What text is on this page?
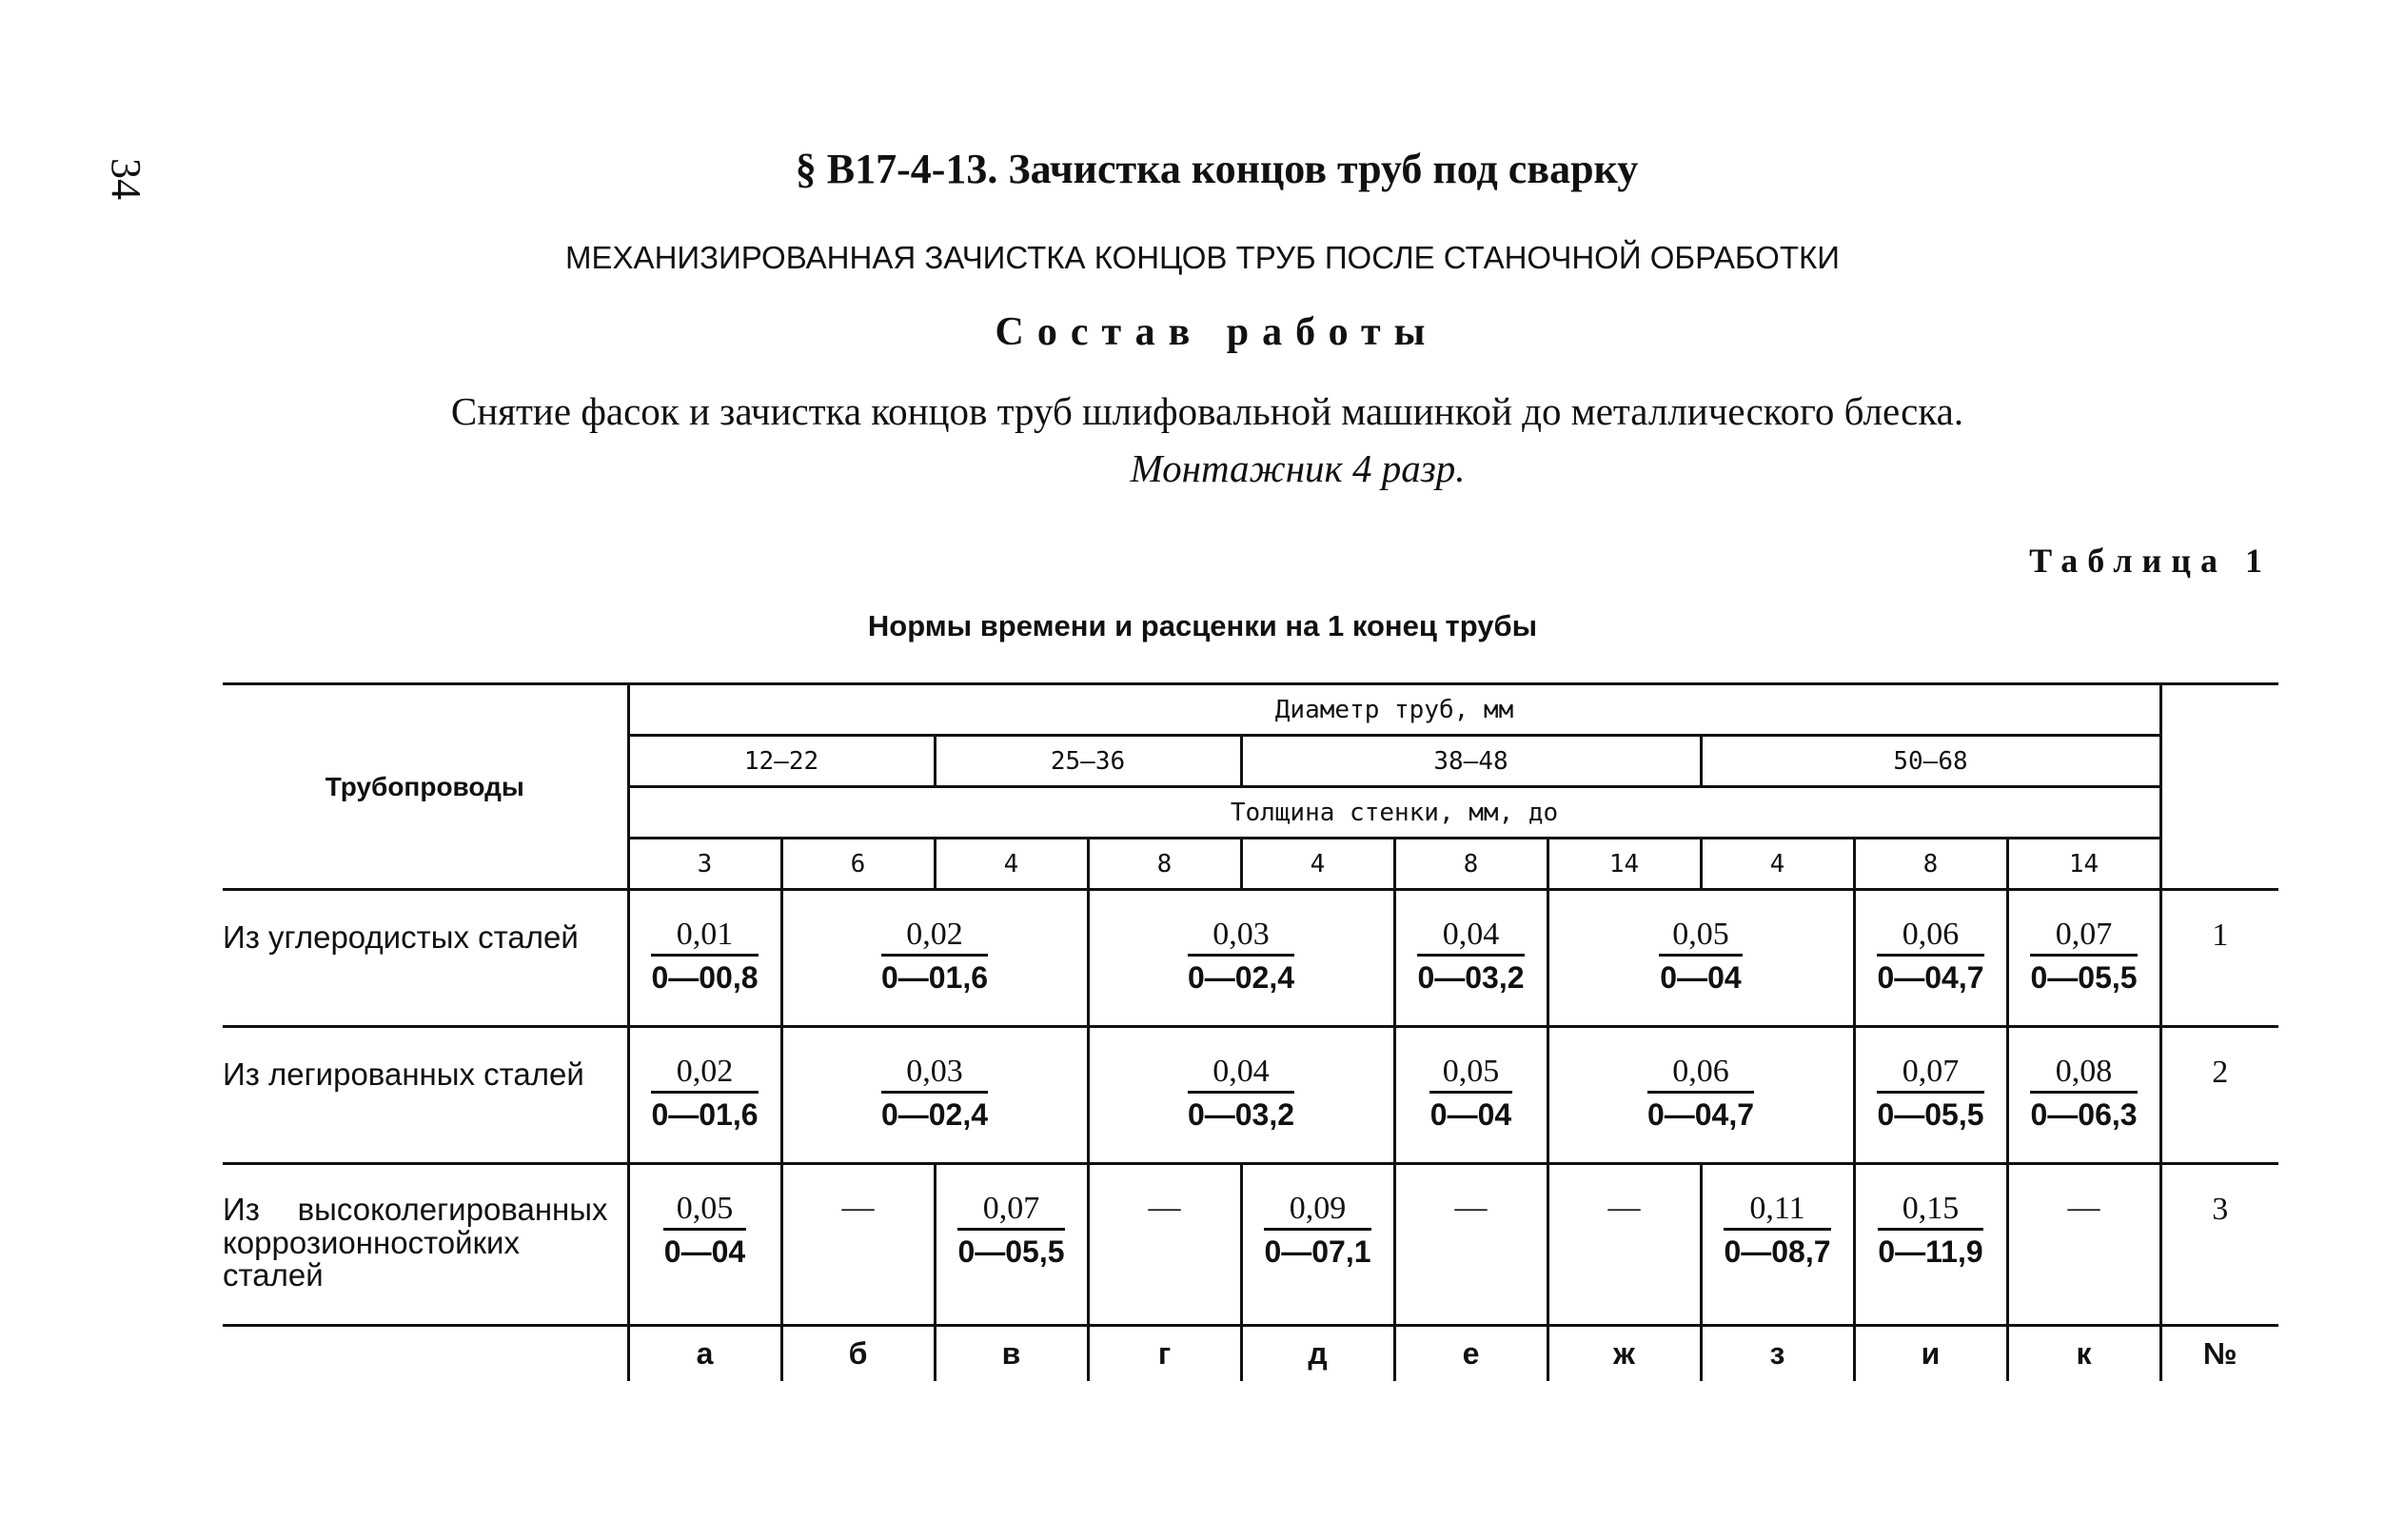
34	§ В17-4-13. Зачистка концов труб под сварку
МЕХАНИЗИРОВАННАЯ ЗАЧИСТКА КОНЦОВ ТРУБ ПОСЛЕ СТАНОЧНОЙ ОБРАБОТКИ
Состав работы
Снятие фасок и зачистка концов труб шлифовальной машинкой до металлического блеска.
Монтажник 4 разр.
Таблица 1
Нормы времени и расценки на 1 конец трубы
Трубопроводы	Диаметр труб, мм										
	12—22		25—36		38—48			50—68			
	Толщина стенки, мм, до										
	3	6	4	8	4	8	14	4	8	14	
Из углеродистых сталей	$\frac{0,01}{0—00,8}$	$\frac{0,02}{0—01,6}$		$\frac{0,03}{0—02,4}$		$\frac{0,04}{0—03,2}$	$\frac{0,05}{0—04}$		$\frac{0,06}{0—04,7}$	$\frac{0,07}{0—05,5}$	1
Из легированных сталей	$\frac{0,02}{0—01,6}$	$\frac{0,03}{0—02,4}$		$\frac{0,04}{0—03,2}$		$\frac{0,05}{0—04}$	$\frac{0,06}{0—04,7}$		$\frac{0,07}{0—05,5}$	$\frac{0,08}{0—06,3}$	2
Из высоколегированных коррозионностойких сталей	$\frac{0,05}{0—04}$	—	$\frac{0,07}{0—05,5}$	—	$\frac{0,09}{0—07,1}$	—	—	$\frac{0,11}{0—08,7}$	$\frac{0,15}{0—11,9}$	—	3
	а	б	в	г	д	е	ж	з	и	к	№
